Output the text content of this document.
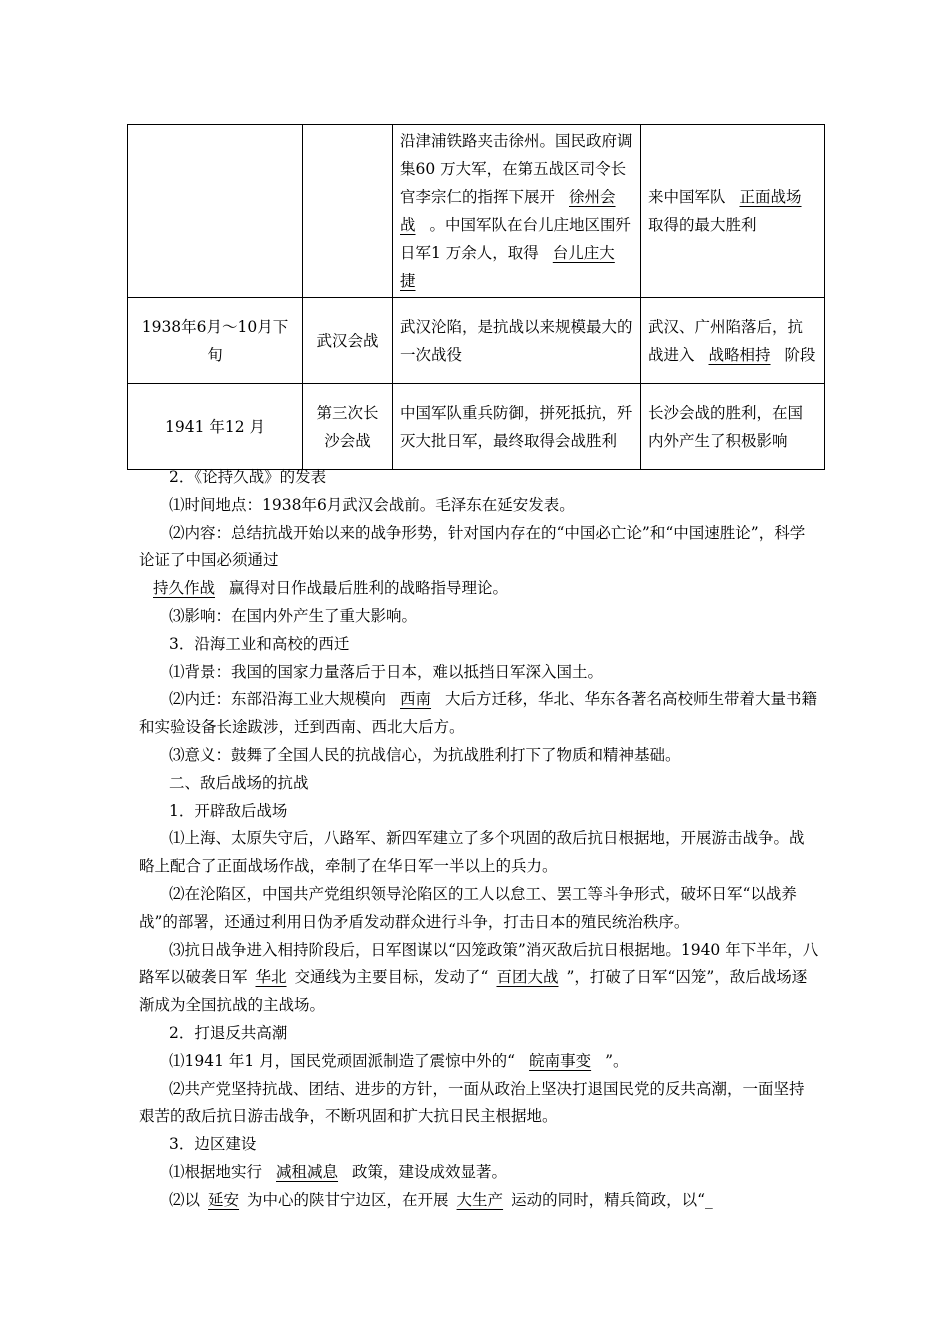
		沿津浦铁路夹击徐州。国民政府调集60 万大军，在第五战区司令长官李宗仁的指挥下展开 徐州会战 。中国军队在台儿庄地区围歼日军1 万余人，取得 台儿庄大捷	来中国军队 正面战场取得的最大胜利
1938年6月～10月下旬	武汉会战	武汉沦陷，是抗战以来规模最大的一次战役	武汉、广州陷落后，抗战进入 战略相持 阶段
1941 年12 月	第三次长沙会战	中国军队重兵防御，拼死抵抗，歼灭大批日军，最终取得会战胜利	长沙会战的胜利，在国内外产生了积极影响

2．《论持久战》的发表

⑴时间地点：1938年6月武汉会战前。毛泽东在延安发表。

⑵内容：总结抗战开始以来的战争形势，针对国内存在的“中国必亡论”和“中国速胜论”，科学论证了中国必须通过

持久作战 赢得对日作战最后胜利的战略指导理论。

⑶影响：在国内外产生了重大影响。

3．沿海工业和高校的西迁

⑴背景：我国的国家力量落后于日本，难以抵挡日军深入国土。

⑵内迁：东部沿海工业大规模向 西南 大后方迁移，华北、华东各著名高校师生带着大量书籍和实验设备长途跋涉，迁到西南、西北大后方。

⑶意义：鼓舞了全国人民的抗战信心，为抗战胜利打下了物质和精神基础。

二、敌后战场的抗战

1．开辟敌后战场

⑴上海、太原失守后，八路军、新四军建立了多个巩固的敌后抗日根据地，开展游击战争。战略上配合了正面战场作战，牵制了在华日军一半以上的兵力。

⑵在沦陷区，中国共产党组织领导沦陷区的工人以怠工、罢工等斗争形式，破坏日军“以战养战”的部署，还通过利用日伪矛盾发动群众进行斗争，打击日本的殖民统治秩序。

⑶抗日战争进入相持阶段后，日军图谋以“囚笼政策”消灭敌后抗日根据地。1940 年下半年，八路军以破袭日军 华北 交通线为主要目标，发动了“ 百团大战 ”，打破了日军“囚笼”，敌后战场逐渐成为全国抗战的主战场。

2．打退反共高潮

⑴1941 年1 月，国民党顽固派制造了震惊中外的“ 皖南事变 ”。

⑵共产党坚持抗战、团结、进步的方针，一面从政治上坚决打退国民党的反共高潮，一面坚持艰苦的敌后抗日游击战争，不断巩固和扩大抗日民主根据地。

3．边区建设

⑴根据地实行 减租减息 政策，建设成效显著。

⑵以 延安 为中心的陕甘宁边区，在开展 大生产 运动的同时，精兵简政，以“_
